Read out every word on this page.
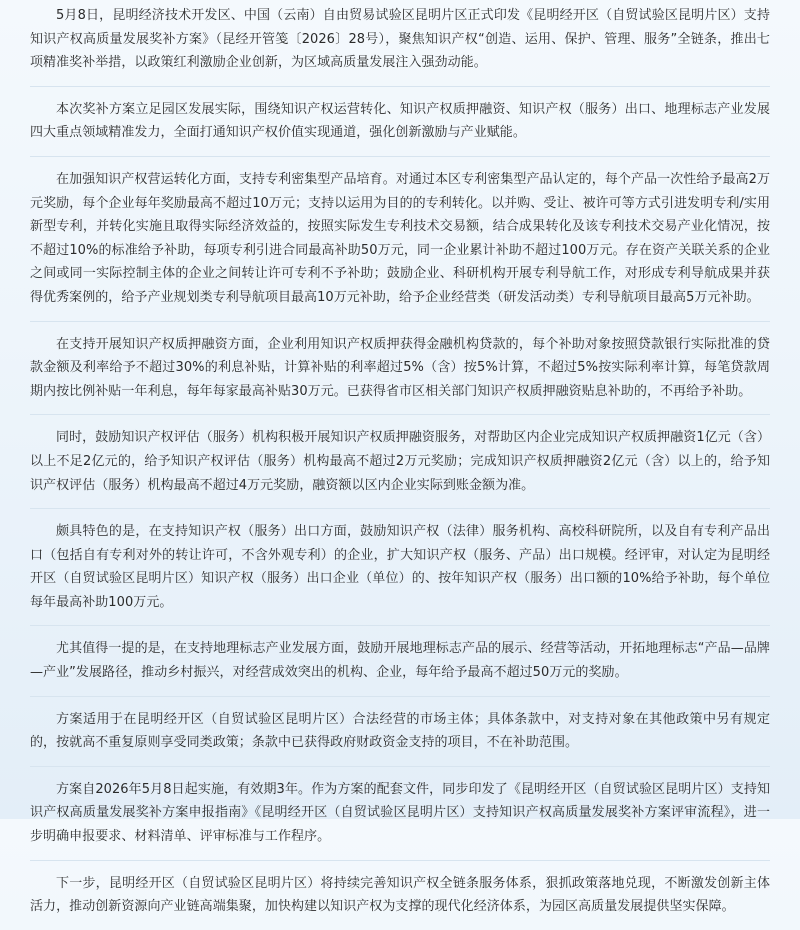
5月8日，昆明经济技术开发区、中国（云南）自由贸易试验区昆明片区正式印发《昆明经开区（自贸试验区昆明片区）支持知识产权高质量发展奖补方案》（昆经开管笺〔2026〕28号），聚焦知识产权“创造、运用、保护、管理、服务”全链条，推出七项精准奖补举措，以政策红利激励企业创新，为区域高质量发展注入强劲动能。

本次奖补方案立足园区发展实际，围绕知识产权运营转化、知识产权质押融资、知识产权（服务）出口、地理标志产业发展四大重点领域精准发力，全面打通知识产权价值实现通道，强化创新激励与产业赋能。

在加强知识产权营运转化方面，支持专利密集型产品培育。对通过本区专利密集型产品认定的，每个产品一次性给予最高2万元奖励，每个企业每年奖励最高不超过10万元；支持以运用为目的的专利转化。以并购、受让、被许可等方式引进发明专利/实用新型专利，并转化实施且取得实际经济效益的，按照实际发生专利技术交易额，结合成果转化及该专利技术交易产业化情况，按不超过10%的标准给予补助，每项专利引进合同最高补助50万元，同一企业累计补助不超过100万元。存在资产关联关系的企业之间或同一实际控制主体的企业之间转让许可专利不予补助；鼓励企业、科研机构开展专利导航工作，对形成专利导航成果并获得优秀案例的，给予产业规划类专利导航项目最高10万元补助，给予企业经营类（研发活动类）专利导航项目最高5万元补助。

在支持开展知识产权质押融资方面，企业利用知识产权质押获得金融机构贷款的，每个补助对象按照贷款银行实际批准的贷款金额及利率给予不超过30%的利息补贴，计算补贴的利率超过5%（含）按5%计算，不超过5%按实际利率计算，每笔贷款周期内按比例补贴一年利息，每年每家最高补贴30万元。已获得省市区相关部门知识产权质押融资贴息补助的，不再给予补助。

同时，鼓励知识产权评估（服务）机构积极开展知识产权质押融资服务，对帮助区内企业完成知识产权质押融资1亿元（含）以上不足2亿元的，给予知识产权评估（服务）机构最高不超过2万元奖励；完成知识产权质押融资2亿元（含）以上的，给予知识产权评估（服务）机构最高不超过4万元奖励，融资额以区内企业实际到账金额为准。

颇具特色的是，在支持知识产权（服务）出口方面，鼓励知识产权（法律）服务机构、高校科研院所，以及自有专利产品出口（包括自有专利对外的转让许可，不含外观专利）的企业，扩大知识产权（服务、产品）出口规模。经评审，对认定为昆明经开区（自贸试验区昆明片区）知识产权（服务）出口企业（单位）的、按年知识产权（服务）出口额的10%给予补助，每个单位每年最高补助100万元。

尤其值得一提的是，在支持地理标志产业发展方面，鼓励开展地理标志产品的展示、经营等活动，开拓地理标志“产品—品牌—产业”发展路径，推动乡村振兴，对经营成效突出的机构、企业，每年给予最高不超过50万元的奖励。

方案适用于在昆明经开区（自贸试验区昆明片区）合法经营的市场主体；具体条款中，对支持对象在其他政策中另有规定的，按就高不重复原则享受同类政策；条款中已获得政府财政资金支持的项目，不在补助范围。

方案自2026年5月8日起实施，有效期3年。作为方案的配套文件，同步印发了《昆明经开区（自贸试验区昆明片区）支持知识产权高质量发展奖补方案申报指南》《昆明经开区（自贸试验区昆明片区）支持知识产权高质量发展奖补方案评审流程》，进一步明确申报要求、材料清单、评审标准与工作程序。

下一步，昆明经开区（自贸试验区昆明片区）将持续完善知识产权全链条服务体系，狠抓政策落地兑现，不断激发创新主体活力，推动创新资源向产业链高端集聚，加快构建以知识产权为支撑的现代化经济体系，为园区高质量发展提供坚实保障。
